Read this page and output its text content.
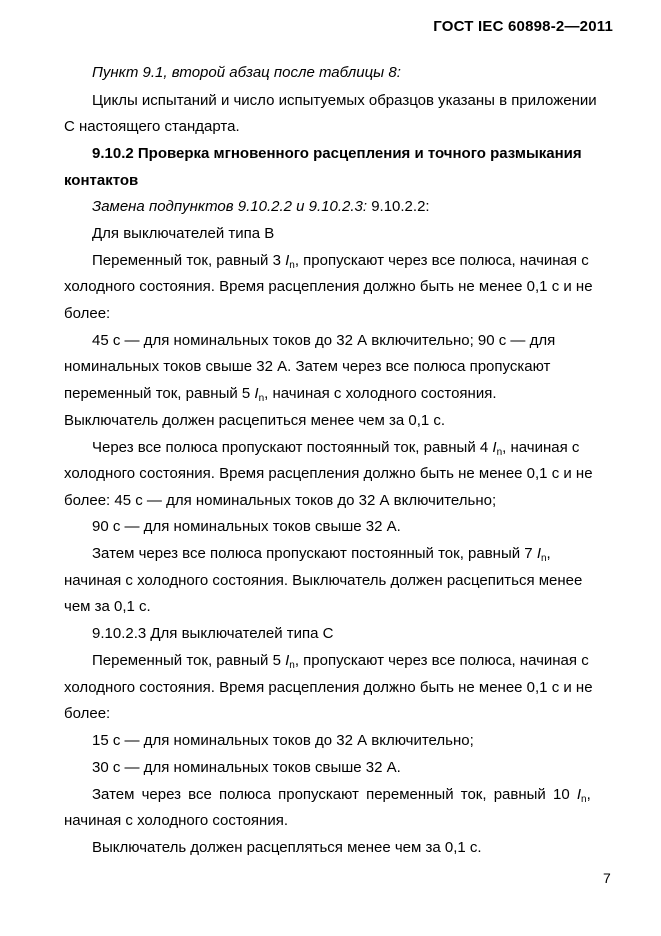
ГОСТ IEC 60898-2—2011
Пункт 9.1, второй абзац после таблицы 8:
Циклы испытаний и число испытуемых образцов указаны в приложении
С настоящего стандарта.
9.10.2 Проверка мгновенного расцепления и точного размыкания
контактов
Замена подпунктов 9.10.2.2 и 9.10.2.3: 9.10.2.2:
Для выключателей типа В
Переменный ток, равный 3 $I_n$, пропускают через все полюса, начиная с
холодного состояния. Время расцепления должно быть не менее 0,1 с и не
более:
45 с — для номинальных токов до 32 А включительно; 90 с — для
номинальных токов свыше 32 А. Затем через все полюса пропускают
переменный ток, равный 5 $I_n$, начиная с холодного состояния.
Выключатель должен расцепиться менее чем за 0,1 с.
Через все полюса пропускают постоянный ток, равный 4 $I_n$, начиная с
холодного состояния. Время расцепления должно быть не менее 0,1 с и не
более: 45 с — для номинальных токов до 32 А включительно;
90 с — для номинальных токов свыше 32 А.
Затем через все полюса пропускают постоянный ток, равный 7 $I_n$,
начиная с холодного состояния. Выключатель должен расцепиться менее
чем за 0,1 с.
9.10.2.3 Для выключателей типа С
Переменный ток, равный 5 $I_n$, пропускают через все полюса, начиная с
холодного состояния. Время расцепления должно быть не менее 0,1 с и не
более:
15 с — для номинальных токов до 32 А включительно;
30 с — для номинальных токов свыше 32 А.
Затем через все полюса пропускают переменный ток, равный 10 $I_n$,
начиная с холодного состояния.
Выключатель должен расцепляться менее чем за 0,1 с.
7
